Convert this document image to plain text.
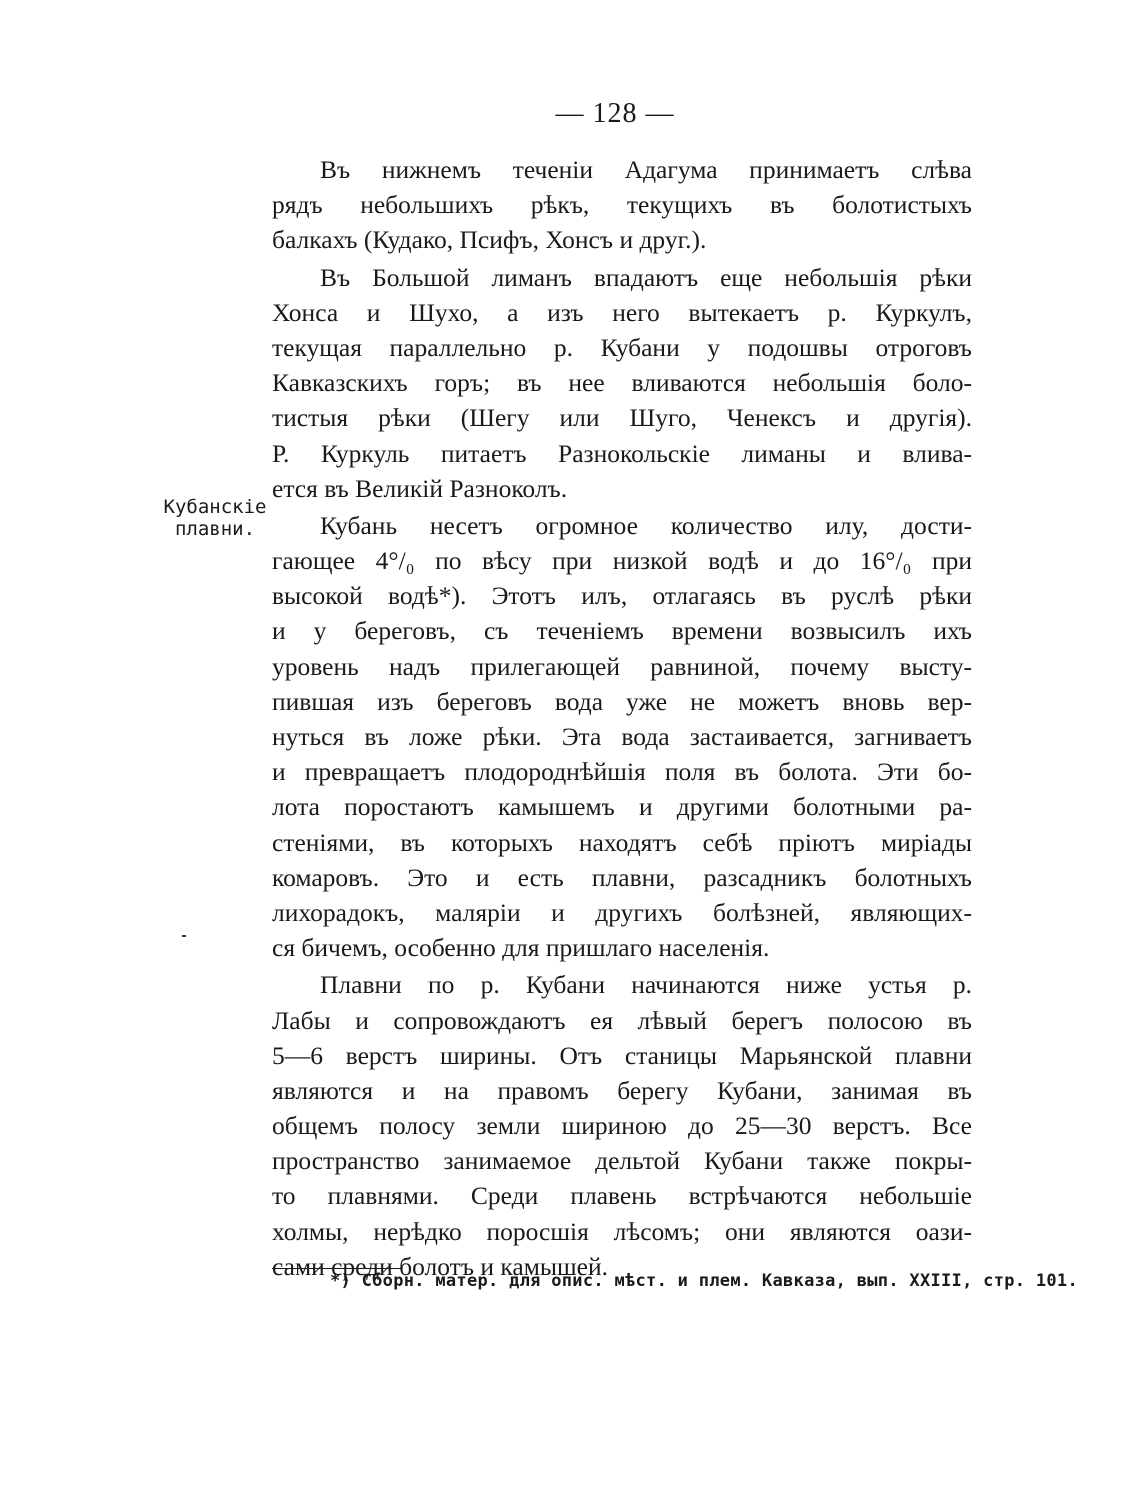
— 128 —
Кубанскiе плавни.
Въ нижнемъ теченiи Адагума принимаетъ слѣва
рядъ небольшихъ рѣкъ, текущихъ въ болотистыхъ
балкахъ (Кудако, Псифъ, Хонсъ и друг.).
Въ Большой лиманъ впадаютъ еще небольшiя рѣки
Хонса и Шухо, а изъ него вытекаетъ р. Куркулъ,
текущая параллельно р. Кубани у подошвы отроговъ
Кавказскихъ горъ; въ нее вливаются небольшiя боло-
тистыя рѣки (Шегу или Шуго, Ченексъ и другiя).
Р. Куркуль питаетъ Разнокольскiе лиманы и влива-
ется въ Великiй Разноколъ.
Кубань несетъ огромное количество илу, дости-
гающее 4°/₀ по вѣсу при низкой водѣ и до 16°/₀ при
высокой водѣ*). Этотъ илъ, отлагаясь въ руслѣ рѣки
и у береговъ, съ теченiемъ времени возвысилъ ихъ
уровень надъ прилегающей равниной, почему высту-
пившая изъ береговъ вода уже не можетъ вновь вер-
нуться въ ложе рѣки. Эта вода застаивается, загниваетъ
и превращаетъ плодороднѣйшiя поля въ болота. Эти бо-
лота поростаютъ камышемъ и другими болотными ра-
стенiями, въ которыхъ находятъ себѣ прiютъ миріады
комаровъ. Это и есть плавни, разсадникъ болотныхъ
лихорадокъ, маляріи и другихъ болѣзней, являющих-
ся бичемъ, особенно для пришлаго населенiя.
Плавни по р. Кубани начинаются ниже устья р.
Лабы и сопровождаютъ ея лѣвый берегъ полосою въ
5—6 верстъ ширины. Отъ станицы Марьянской плавни
являются и на правомъ берегу Кубани, занимая въ
общемъ полосу земли шириною до 25—30 верстъ. Все
пространство занимаемое дельтой Кубани также покры-
то плавнями. Среди плавень встрѣчаются небольшiе
холмы, нерѣдко поросшiя лѣсомъ; они являются оази-
сами среди болотъ и камышей.
*) Сборн. матер. для опис. мѣст. и плем. Кавказа, вып. XXIII, стр. 101.
